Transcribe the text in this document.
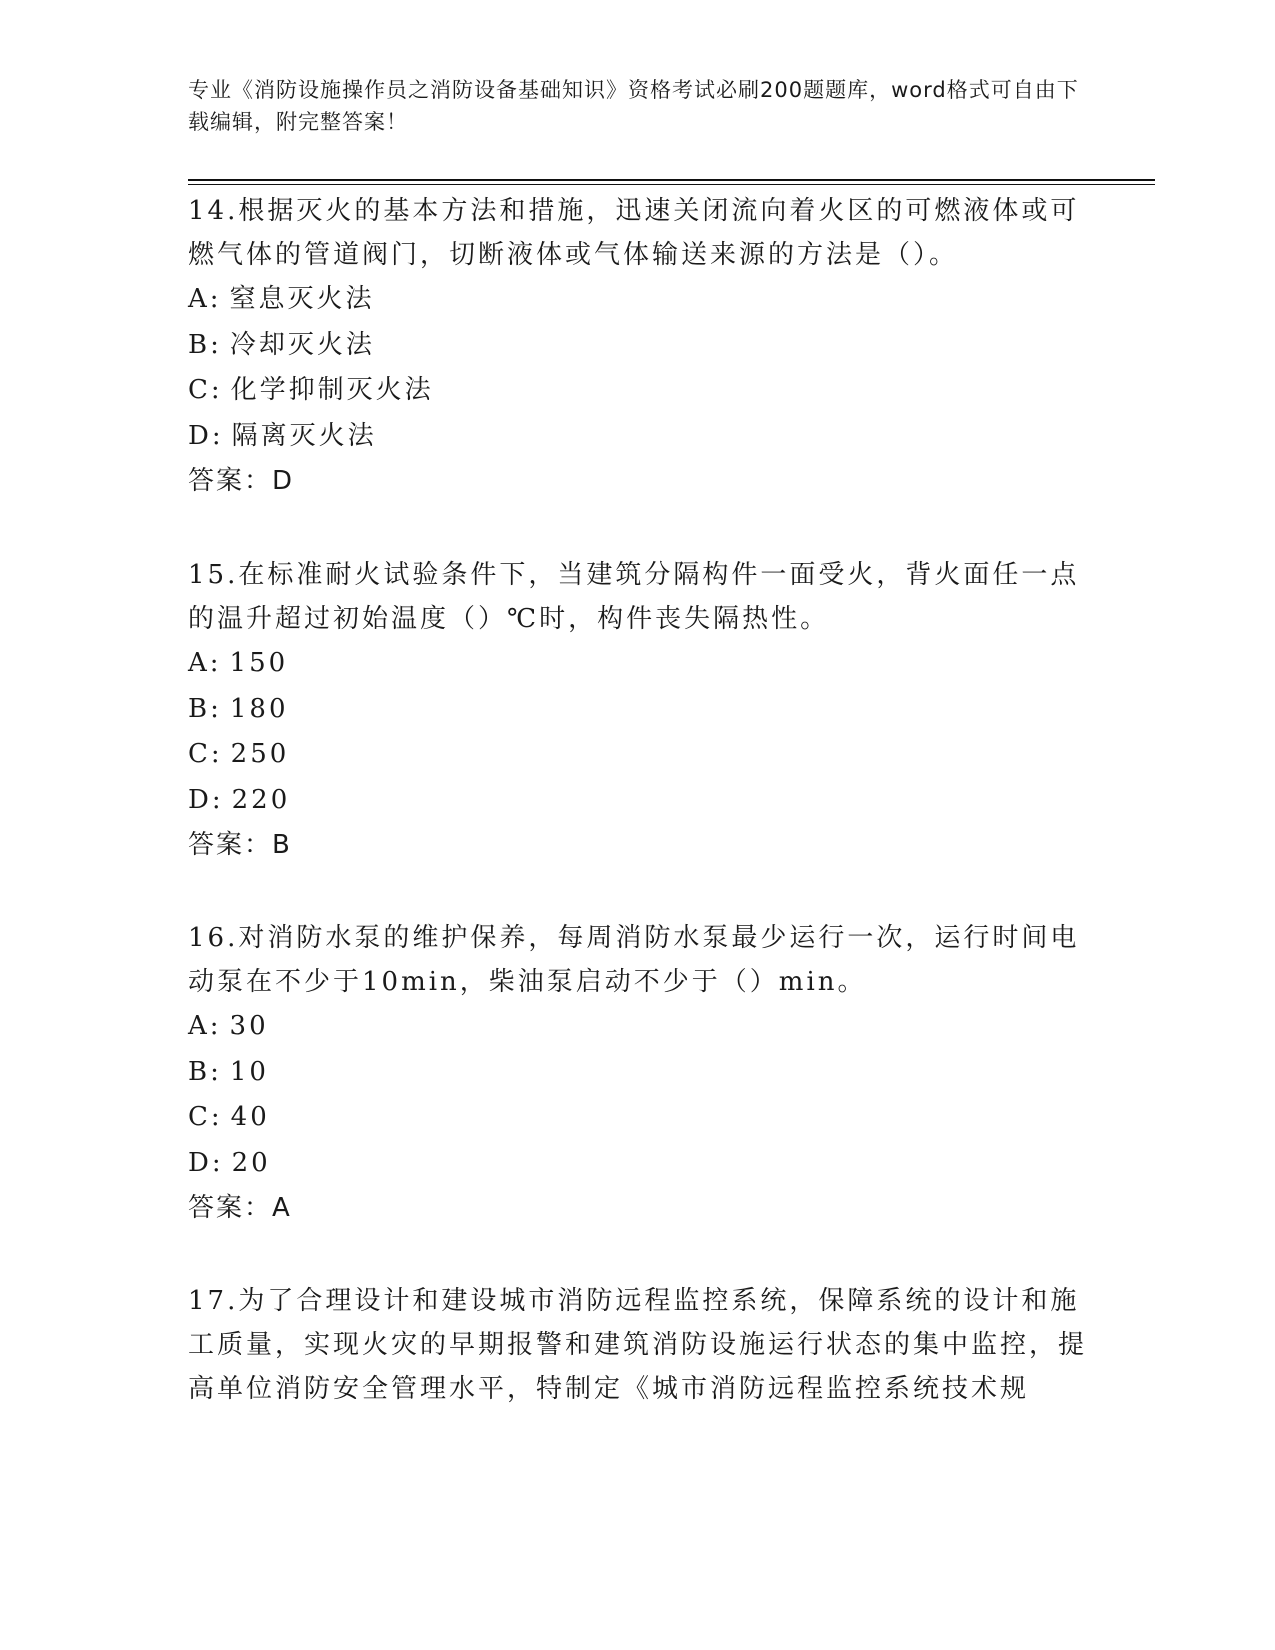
专业《消防设施操作员之消防设备基础知识》资格考试必刷200题题库，word格式可自由下载编辑，附完整答案！
14.根据灭火的基本方法和措施，迅速关闭流向着火区的可燃液体或可燃气体的管道阀门，切断液体或气体输送来源的方法是（）。
A: 窒息灭火法
B: 冷却灭火法
C: 化学抑制灭火法
D: 隔离灭火法
答案：D
15.在标准耐火试验条件下，当建筑分隔构件一面受火，背火面任一点的温升超过初始温度（）℃时，构件丧失隔热性。
A: 150
B: 180
C: 250
D: 220
答案：B
16.对消防水泵的维护保养，每周消防水泵最少运行一次，运行时间电动泵在不少于10min，柴油泵启动不少于（）min。
A: 30
B: 10
C: 40
D: 20
答案：A
17.为了合理设计和建设城市消防远程监控系统，保障系统的设计和施工质量，实现火灾的早期报警和建筑消防设施运行状态的集中监控，提高单位消防安全管理水平，特制定《城市消防远程监控系统技术规
